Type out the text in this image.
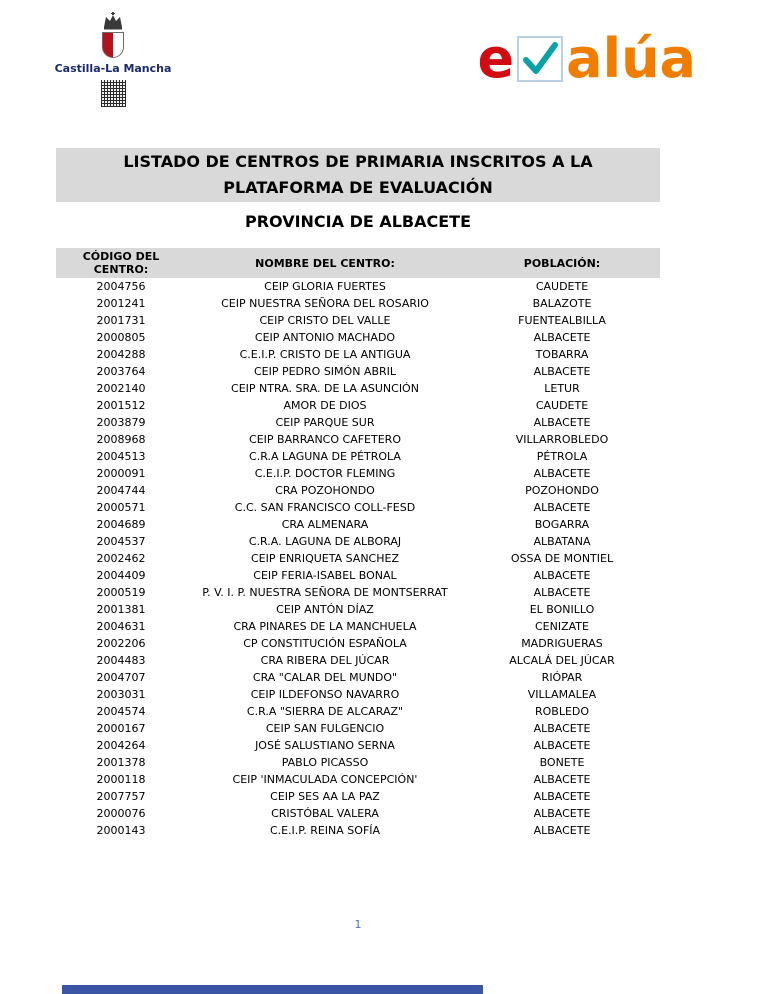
Castilla-La Mancha	e alúa
LISTADO DE CENTROS DE PRIMARIA INSCRITOS A LA
PLATAFORMA DE EVALUACIÓN
PROVINCIA DE ALBACETE
CÓDIGO DEL CENTRO:	NOMBRE DEL CENTRO:	POBLACIÓN:
2004756	CEIP GLORIA FUERTES	CAUDETE
2001241	CEIP NUESTRA SEÑORA DEL ROSARIO	BALAZOTE
2001731	CEIP CRISTO DEL VALLE	FUENTEALBILLA
2000805	CEIP ANTONIO MACHADO	ALBACETE
2004288	C.E.I.P. CRISTO DE LA ANTIGUA	TOBARRA
2003764	CEIP PEDRO SIMÓN ABRIL	ALBACETE
2002140	CEIP NTRA. SRA. DE LA ASUNCIÓN	LETUR
2001512	AMOR DE DIOS	CAUDETE
2003879	CEIP PARQUE SUR	ALBACETE
2008968	CEIP BARRANCO CAFETERO	VILLARROBLEDO
2004513	C.R.A LAGUNA DE PÉTROLA	PÉTROLA
2000091	C.E.I.P. DOCTOR FLEMING	ALBACETE
2004744	CRA POZOHONDO	POZOHONDO
2000571	C.C. SAN FRANCISCO COLL-FESD	ALBACETE
2004689	CRA ALMENARA	BOGARRA
2004537	C.R.A. LAGUNA DE ALBORAJ	ALBATANA
2002462	CEIP ENRIQUETA SANCHEZ	OSSA DE MONTIEL
2004409	CEIP FERIA-ISABEL BONAL	ALBACETE
2000519	P. V. I. P. NUESTRA SEÑORA DE MONTSERRAT	ALBACETE
2001381	CEIP ANTÓN DÍAZ	EL BONILLO
2004631	CRA PINARES DE LA MANCHUELA	CENIZATE
2002206	CP CONSTITUCIÓN ESPAÑOLA	MADRIGUERAS
2004483	CRA RIBERA DEL JÚCAR	ALCALÁ DEL JÚCAR
2004707	CRA "CALAR DEL MUNDO"	RIÓPAR
2003031	CEIP ILDEFONSO NAVARRO	VILLAMALEA
2004574	C.R.A "SIERRA DE ALCARAZ"	ROBLEDO
2000167	CEIP SAN FULGENCIO	ALBACETE
2004264	JOSÉ SALUSTIANO SERNA	ALBACETE
2001378	PABLO PICASSO	BONETE
2000118	CEIP 'INMACULADA CONCEPCIÓN'	ALBACETE
2007757	CEIP SES AA LA PAZ	ALBACETE
2000076	CRISTÓBAL VALERA	ALBACETE
2000143	C.E.I.P. REINA SOFÍA	ALBACETE
1
